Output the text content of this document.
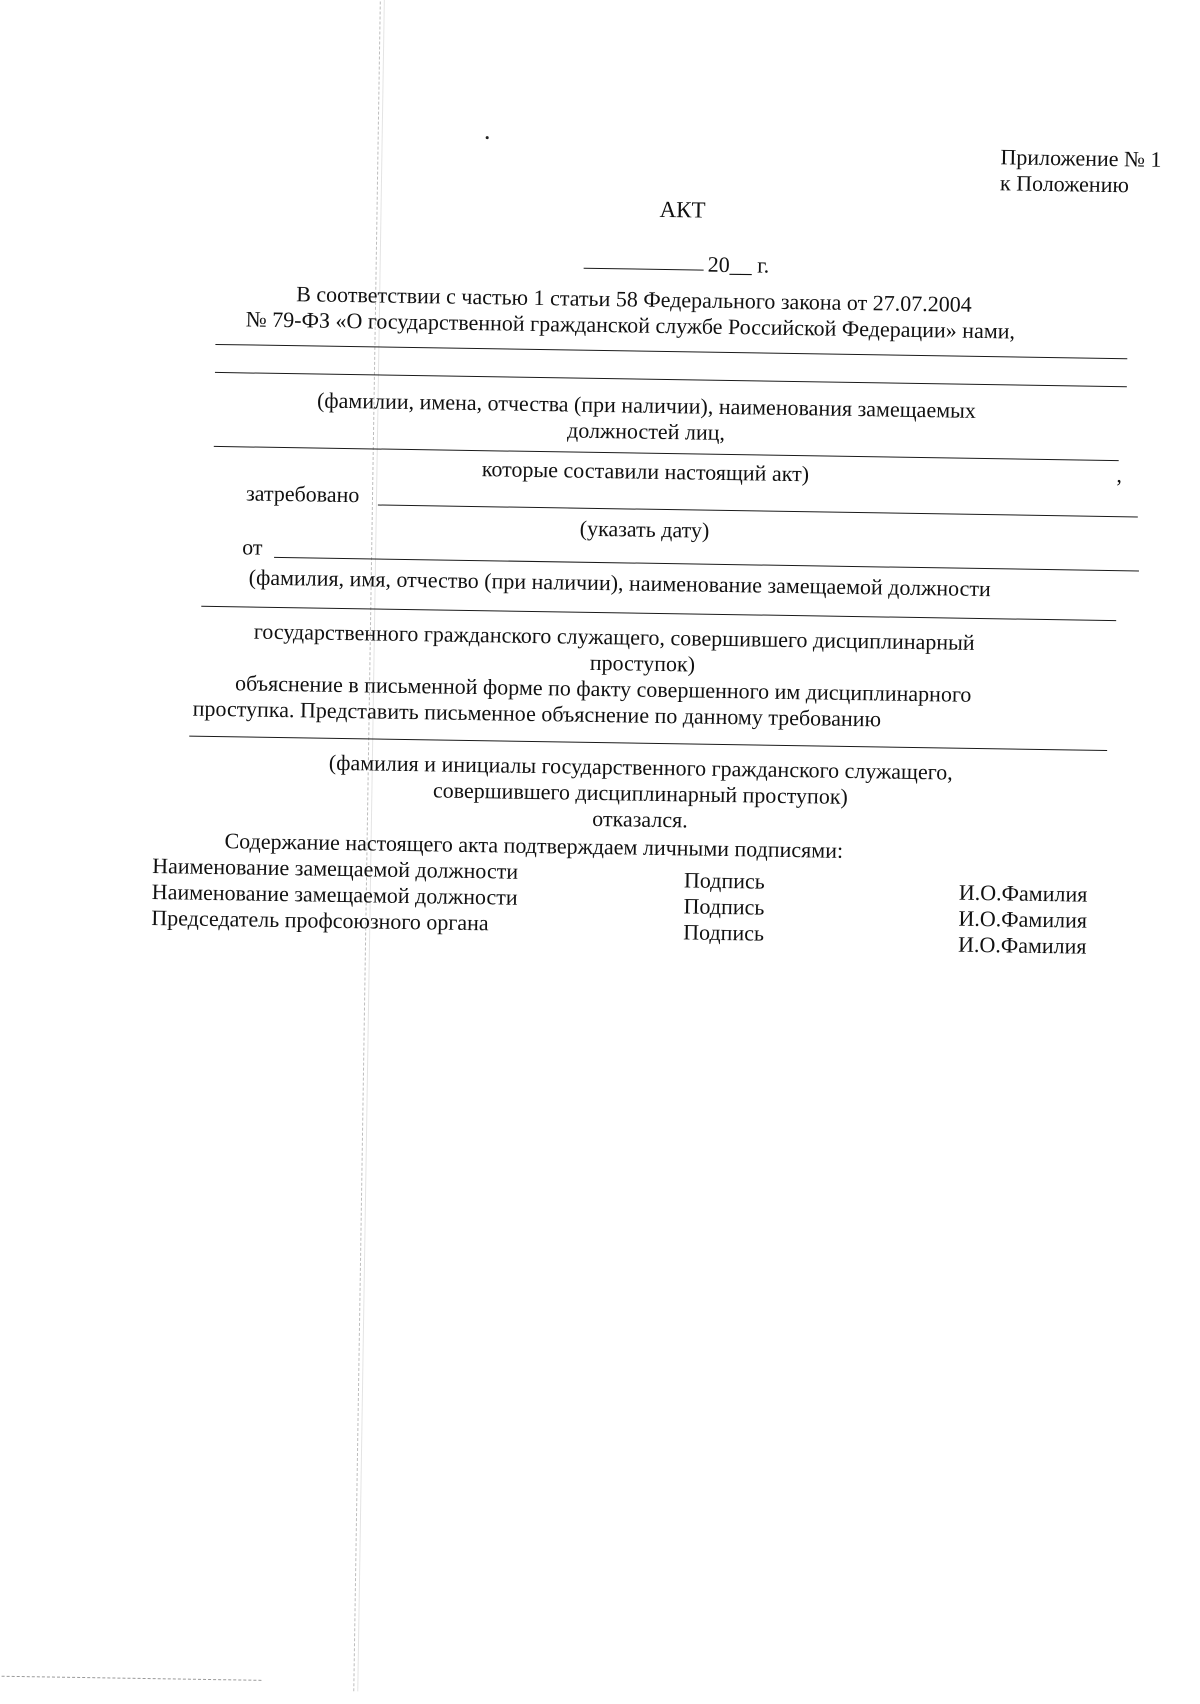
Приложение № 1
к Положению
АКТ
20__ г.
В соответствии с частью 1 статьи 58 Федерального закона от 27.07.2004
№ 79-ФЗ «О государственной гражданской службе Российской Федерации» нами,
(фамилии, имена, отчества (при наличии), наименования замещаемых
должностей лиц,
которые составили настоящий акт)	,
затребовано
(указать дату)
от
(фамилия, имя, отчество (при наличии), наименование замещаемой должности
государственного гражданского служащего, совершившего дисциплинарный
проступок)
объяснение в письменной форме по факту совершенного им дисциплинарного
проступка. Представить письменное объяснение по данному требованию
(фамилия и инициалы государственного гражданского служащего,
совершившего дисциплинарный проступок)
отказался.
Содержание настоящего акта подтверждаем личными подписями:
Наименование замещаемой должности	Подпись	И.О.Фамилия
Наименование замещаемой должности	Подпись	И.О.Фамилия
Председатель профсоюзного органа	Подпись	И.О.Фамилия
